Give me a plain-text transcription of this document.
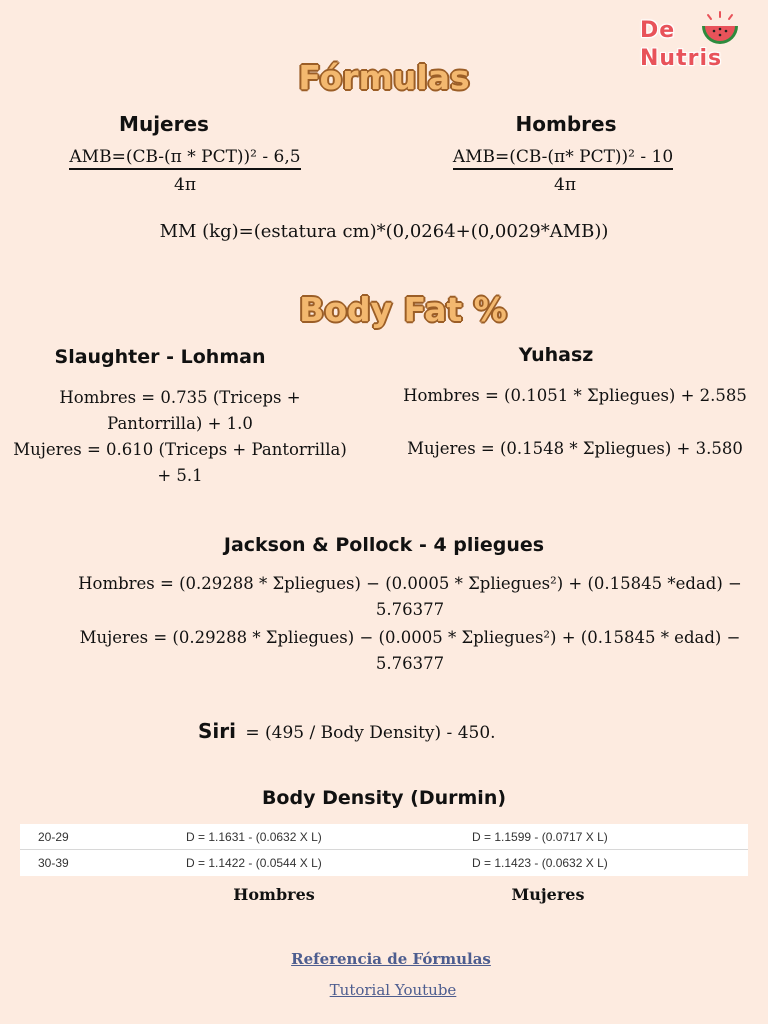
De
Nutris
Fórmulas
Mujeres	Hombres
AMB=(CB-(π * PCT))² - 6,5
4π
AMB=(CB-(π* PCT))² - 10
4π
MM (kg)=(estatura cm)*(0,0264+(0,0029*AMB))
Body Fat %
Slaughter - Lohman
Hombres = 0.735 (Triceps + Pantorrilla) + 1.0
Mujeres = 0.610 (Triceps + Pantorrilla) + 5.1
Yuhasz
Hombres = (0.1051 * Σpliegues) + 2.585
Mujeres = (0.1548 * Σpliegues) + 3.580
Jackson & Pollock - 4 pliegues
Hombres = (0.29288 * Σpliegues) − (0.0005 * Σpliegues²) + (0.15845 *edad) − 5.76377
Mujeres = (0.29288 * Σpliegues) − (0.0005 * Σpliegues²) + (0.15845 * edad) − 5.76377
Siri  = (495 / Body Density) - 450.
Body Density (Durmin)
20-29	D = 1.1631 - (0.0632 X L)	D = 1.1599 - (0.0717 X L)
30-39	D = 1.1422 - (0.0544 X L)	D = 1.1423 - (0.0632 X L)
Hombres	Mujeres
Referencia de Fórmulas
Tutorial Youtube
